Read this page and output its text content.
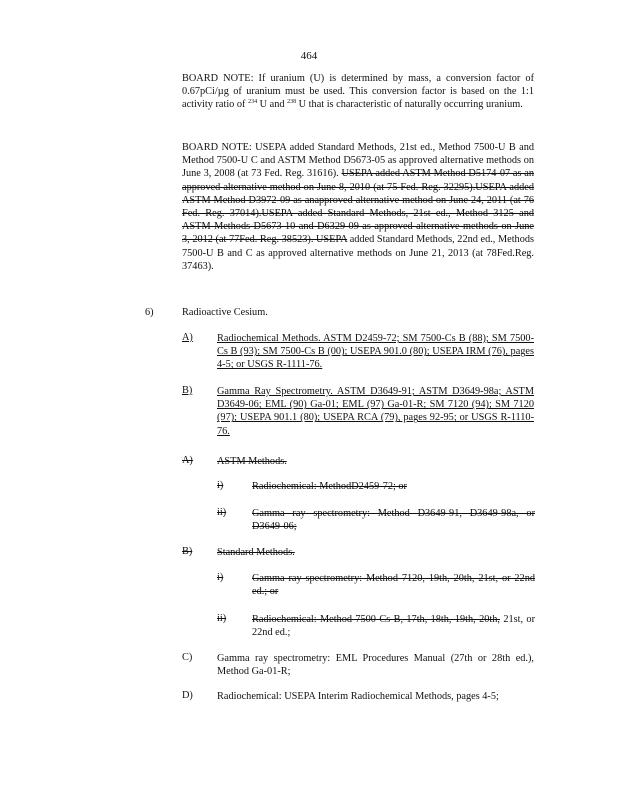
464
BOARD NOTE: If uranium (U) is determined by mass, a conversion factor of 0.67pCi/µg of uranium must be used. This conversion factor is based on the 1:1 activity ratio of $^{234}$ U and $^{238}$ U that is characteristic of naturally occurring uranium.
BOARD NOTE: USEPA added Standard Methods, 21st ed., Method 7500-U B and Method 7500-U C and ASTM Method D5673-05 as approved alternative methods on June 3, 2008 (at 73 Fed. Reg. 31616). USEPA added ASTM Method D5174-07 as an approved alternative method on June 8, 2010 (at 75 Fed. Reg. 32295).USEPA added ASTM Method D3972-09 as anapproved alternative method on June 24, 2011 (at 76 Fed. Reg. 37014).USEPA added Standard Methods, 21st ed., Method 3125 and ASTM Methods D5673-10 and D6329-09 as approved alternative methods on June 3, 2012 (at 77Fed. Reg. 38523). USEPA added Standard Methods, 22nd ed., Methods 7500-U B and C as approved alternative methods on June 21, 2013 (at 78Fed.Reg. 37463).
6)	Radioactive Cesium.
A) Radiochemical Methods. ASTM D2459-72; SM 7500-Cs B (88); SM 7500-Cs B (93); SM 7500-Cs B (00); USEPA 901.0 (80); USEPA IRM (76), pages 4-5; or USGS R-1111-76.
B) Gamma Ray Spectrometry. ASTM D3649-91; ASTM D3649-98a; ASTM D3649-06; EML (90) Ga-01; EML (97) Ga-01-R; SM 7120 (94); SM 7120 (97); USEPA 901.1 (80); USEPA RCA (79), pages 92-95; or USGS R-1110-76.
A) ASTM Methods.
i)	Radiochemical: MethodD2459-72; or
ii)	Gamma ray spectrometry: Method D3649-91, D3649-98a, or D3649-06;
B) Standard Methods.
i)	Gamma ray spectrometry: Method 7120, 19th, 20th, 21st, or 22nd ed.; or
ii)	Radiochemical: Method 7500-Cs B, 17th, 18th, 19th, 20th, 21st, or 22nd ed.;
C) Gamma ray spectrometry: EML Procedures Manual (27th or 28th ed.), Method Ga-01-R;
D) Radiochemical: USEPA Interim Radiochemical Methods, pages 4-5;
